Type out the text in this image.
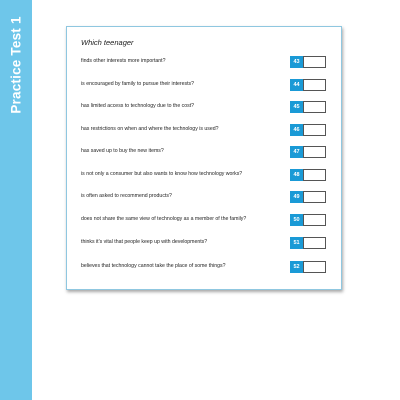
Practice Test 1	Which teenager
finds other interests more important?	43
is encouraged by family to pursue their interests?	44
has limited access to technology due to the cost?	45
has restrictions on when and where the technology is used?	46
has saved up to buy the new items?	47
is not only a consumer but also wants to know how technology works?	48
is often asked to recommend products?	49
does not share the same view of technology as a member of the family?	50
thinks it's vital that people keep up with developments?	51
believes that technology cannot take the place of some things?	52
